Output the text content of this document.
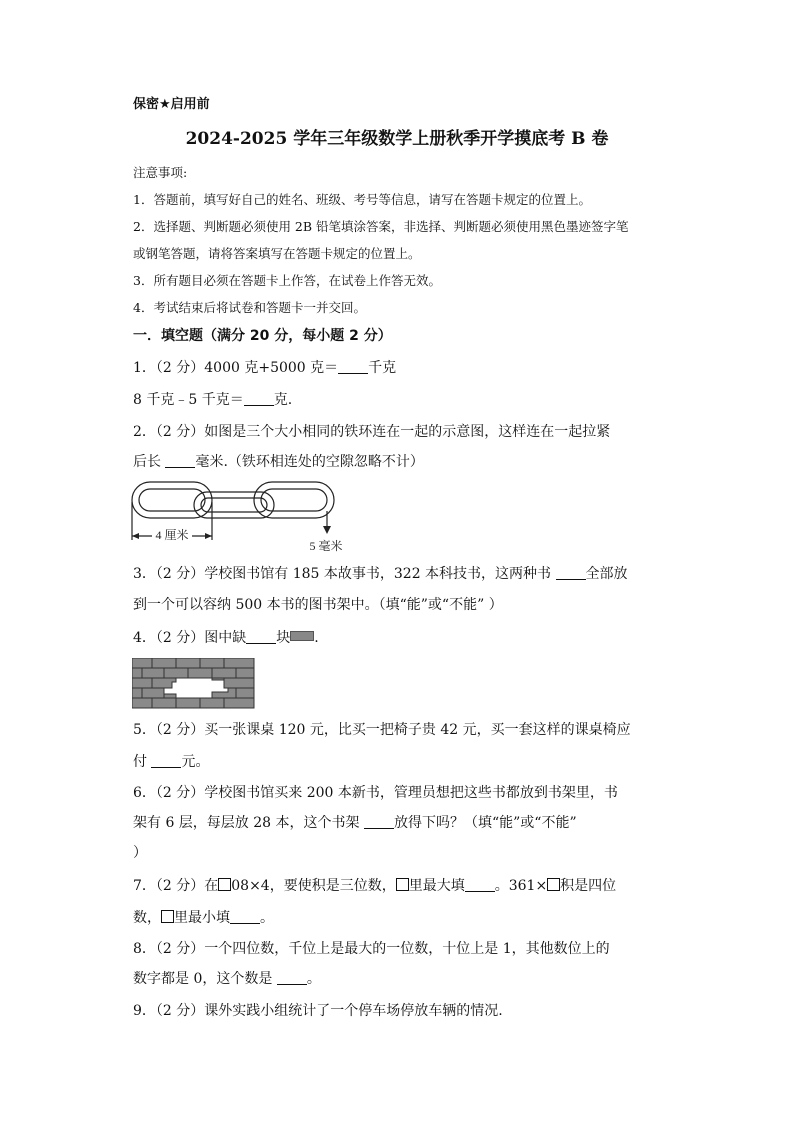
保密★启用前
2024-2025 学年三年级数学上册秋季开学摸底考 B 卷
注意事项:
1．答题前，填写好自己的姓名、班级、考号等信息，请写在答题卡规定的位置上。
2．选择题、判断题必须使用 2B 铅笔填涂答案，非选择、判断题必须使用黑色墨迹签字笔
或钢笔答题，请将答案填写在答题卡规定的位置上。
3．所有题目必须在答题卡上作答，在试卷上作答无效。
4．考试结束后将试卷和答题卡一并交回。
一．填空题（满分 20 分，每小题 2 分）
1．（2 分）4000 克+5000 克＝ 千克
8 千克﹣5 千克＝ 克.
2．（2 分）如图是三个大小相同的铁环连在一起的示意图，这样连在一起拉紧
后长 毫米.（铁环相连处的空隙忽略不计）
4 厘米
5 毫米
3．（2 分）学校图书馆有 185 本故事书，322 本科技书，这两种书 全部放
到一个可以容纳 500 本书的图书架中。（填“能”或“不能” ）
4．（2 分）图中缺 块 .
5．（2 分）买一张课桌 120 元，比买一把椅子贵 42 元，买一套这样的课桌椅应
付 元。
6．（2 分）学校图书馆买来 200 本新书，管理员想把这些书都放到书架里，书
架有 6 层，每层放 28 本，这个书架 放得下吗？（填“能”或“不能”
）
7．（2 分）在 08×4，要使积是三位数， 里最大填 。361× 积是四位
数， 里最小填 。
8．（2 分）一个四位数，千位上是最大的一位数，十位上是 1，其他数位上的
数字都是 0，这个数是 。
9．（2 分）课外实践小组统计了一个停车场停放车辆的情况.
